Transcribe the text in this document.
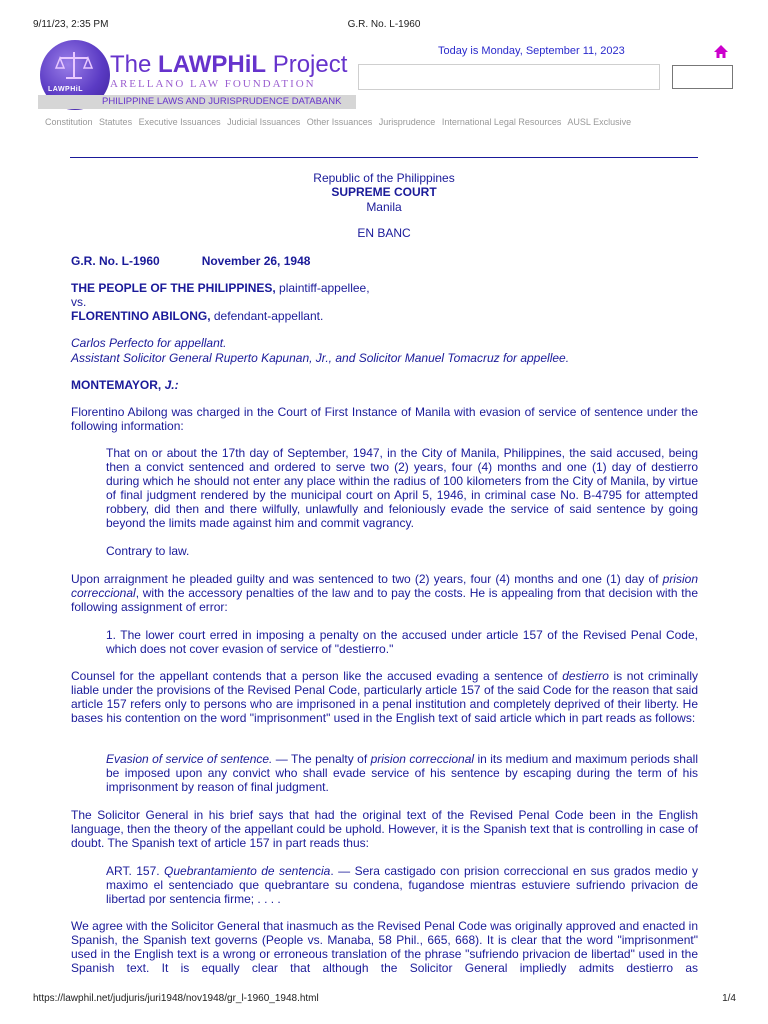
9/11/23, 2:35 PM	G.R. No. L-1960
LAWPHiL
The LAWPHiL Project
ARELLANO LAW FOUNDATION
PHILIPPINE LAWS AND JURISPRUDENCE DATABANK
Today is Monday, September 11, 2023
Constitution Statutes Executive Issuances Judicial Issuances Other Issuances Jurisprudence International Legal Resources AUSL Exclusive
Republic of the Philippines
SUPREME COURT
Manila
EN BANC
G.R. No. L-1960	November 26, 1948
THE PEOPLE OF THE PHILIPPINES, plaintiff-appellee,
vs.
FLORENTINO ABILONG, defendant-appellant.
Carlos Perfecto for appellant.
Assistant Solicitor General Ruperto Kapunan, Jr., and Solicitor Manuel Tomacruz for appellee.
MONTEMAYOR, J.:
Florentino Abilong was charged in the Court of First Instance of Manila with evasion of service of sentence under the following information:
That on or about the 17th day of September, 1947, in the City of Manila, Philippines, the said accused, being then a convict sentenced and ordered to serve two (2) years, four (4) months and one (1) day of destierro during which he should not enter any place within the radius of 100 kilometers from the City of Manila, by virtue of final judgment rendered by the municipal court on April 5, 1946, in criminal case No. B-4795 for attempted robbery, did then and there wilfully, unlawfully and feloniously evade the service of said sentence by going beyond the limits made against him and commit vagrancy.
Contrary to law.
Upon arraignment he pleaded guilty and was sentenced to two (2) years, four (4) months and one (1) day of prision correccional, with the accessory penalties of the law and to pay the costs. He is appealing from that decision with the following assignment of error:
1. The lower court erred in imposing a penalty on the accused under article 157 of the Revised Penal Code, which does not cover evasion of service of "destierro."
Counsel for the appellant contends that a person like the accused evading a sentence of destierro is not criminally liable under the provisions of the Revised Penal Code, particularly article 157 of the said Code for the reason that said article 157 refers only to persons who are imprisoned in a penal institution and completely deprived of their liberty. He bases his contention on the word "imprisonment" used in the English text of said article which in part reads as follows:
Evasion of service of sentence. — The penalty of prision correccional in its medium and maximum periods shall be imposed upon any convict who shall evade service of his sentence by escaping during the term of his imprisonment by reason of final judgment.
The Solicitor General in his brief says that had the original text of the Revised Penal Code been in the English language, then the theory of the appellant could be uphold. However, it is the Spanish text that is controlling in case of doubt. The Spanish text of article 157 in part reads thus:
ART. 157. Quebrantamiento de sentencia. — Sera castigado con prision correccional en sus grados medio y maximo el sentenciado que quebrantare su condena, fugandose mientras estuviere sufriendo privacion de libertad por sentencia firme; . . . .
We agree with the Solicitor General that inasmuch as the Revised Penal Code was originally approved and enacted in Spanish, the Spanish text governs (People vs. Manaba, 58 Phil., 665, 668). It is clear that the word "imprisonment" used in the English text is a wrong or erroneous translation of the phrase "sufriendo privacion de libertad" used in the Spanish text. It is equally clear that although the Solicitor General impliedly admits destierro as
https://lawphil.net/judjuris/juri1948/nov1948/gr_l-1960_1948.html	1/4
